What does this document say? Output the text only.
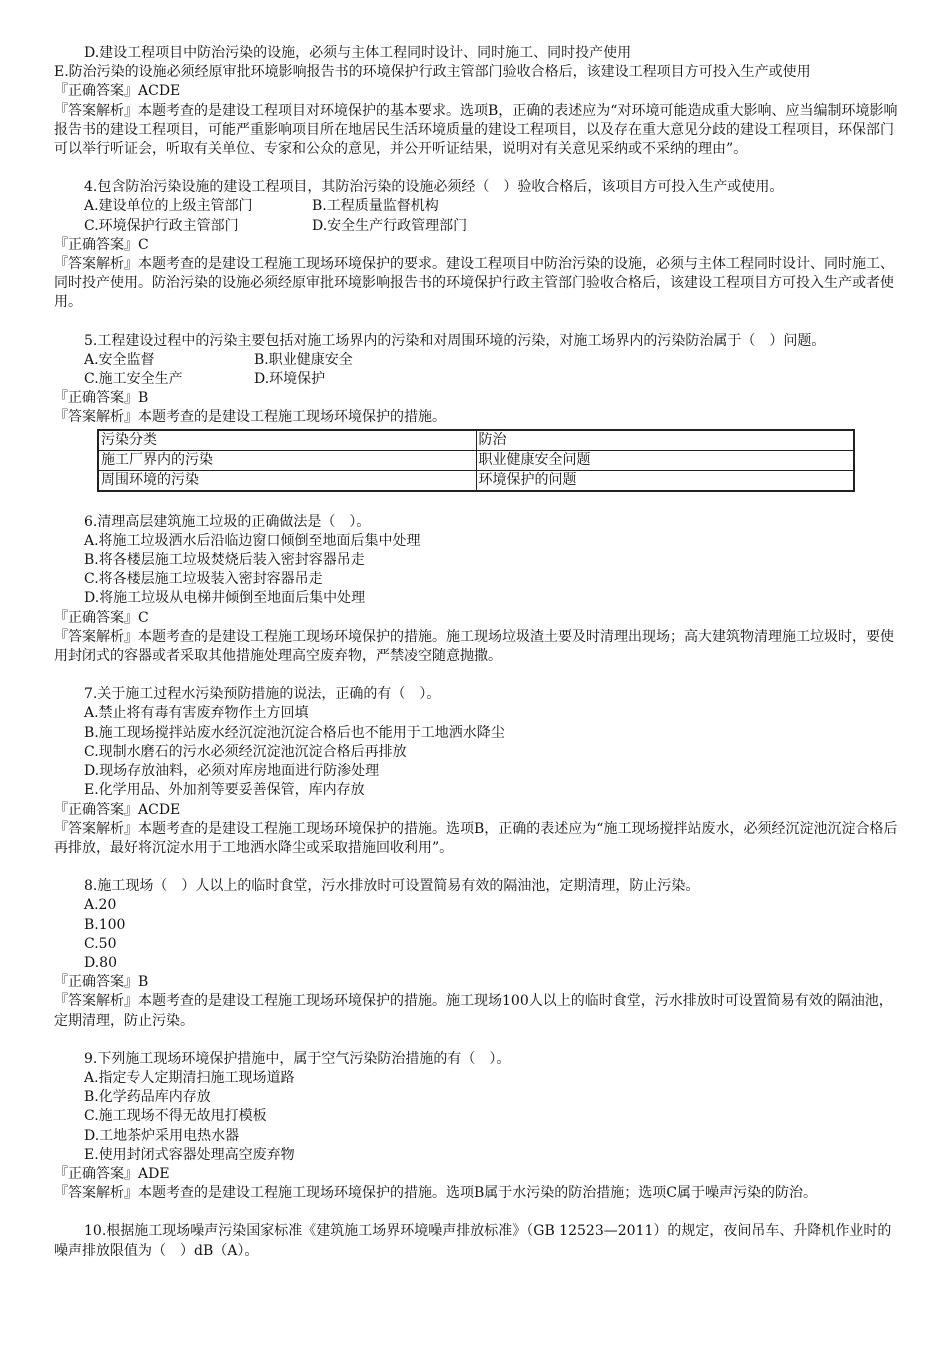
D.建设工程项目中防治污染的设施，必须与主体工程同时设计、同时施工、同时投产使用

E.防治污染的设施必须经原审批环境影响报告书的环境保护行政主管部门验收合格后，该建设工程项目方可投入生产或使用

『正确答案』ACDE

『答案解析』本题考查的是建设工程项目对环境保护的基本要求。选项B，正确的表述应为“对环境可能造成重大影响、应当编制环境影响报告书的建设工程项目，可能严重影响项目所在地居民生活环境质量的建设工程项目，以及存在重大意见分歧的建设工程项目，环保部门可以举行听证会，听取有关单位、专家和公众的意见，并公开听证结果，说明对有关意见采纳或不采纳的理由”。

4.包含防治污染设施的建设工程项目，其防治污染的设施必须经（　）验收合格后，该项目方可投入生产或使用。

A.建设单位的上级主管部门	B.工程质量监督机构
C.环境保护行政主管部门	D.安全生产行政管理部门

『正确答案』C

『答案解析』本题考查的是建设工程施工现场环境保护的要求。建设工程项目中防治污染的设施，必须与主体工程同时设计、同时施工、同时投产使用。防治污染的设施必须经原审批环境影响报告书的环境保护行政主管部门验收合格后，该建设工程项目方可投入生产或者使用。

5.工程建设过程中的污染主要包括对施工场界内的污染和对周围环境的污染，对施工场界内的污染防治属于（　）问题。

A.安全监督	B.职业健康安全
C.施工安全生产	D.环境保护

『正确答案』B

『答案解析』本题考查的是建设工程施工现场环境保护的措施。

污染分类	防治
施工厂界内的污染	职业健康安全问题
周围环境的污染	环境保护的问题

6.清理高层建筑施工垃圾的正确做法是（　）。

A.将施工垃圾洒水后沿临边窗口倾倒至地面后集中处理

B.将各楼层施工垃圾焚烧后装入密封容器吊走

C.将各楼层施工垃圾装入密封容器吊走

D.将施工垃圾从电梯井倾倒至地面后集中处理

『正确答案』C

『答案解析』本题考查的是建设工程施工现场环境保护的措施。施工现场垃圾渣土要及时清理出现场；高大建筑物清理施工垃圾时，要使用封闭式的容器或者采取其他措施处理高空废弃物，严禁凌空随意抛撒。

7.关于施工过程水污染预防措施的说法，正确的有（　）。

A.禁止将有毒有害废弃物作土方回填

B.施工现场搅拌站废水经沉淀池沉淀合格后也不能用于工地洒水降尘

C.现制水磨石的污水必须经沉淀池沉淀合格后再排放

D.现场存放油料，必须对库房地面进行防渗处理

E.化学用品、外加剂等要妥善保管，库内存放

『正确答案』ACDE

『答案解析』本题考查的是建设工程施工现场环境保护的措施。选项B，正确的表述应为“施工现场搅拌站废水，必须经沉淀池沉淀合格后再排放，最好将沉淀水用于工地洒水降尘或采取措施回收利用”。

8.施工现场（　）人以上的临时食堂，污水排放时可设置简易有效的隔油池，定期清理，防止污染。

A.20

B.100

C.50

D.80

『正确答案』B

『答案解析』本题考查的是建设工程施工现场环境保护的措施。施工现场100人以上的临时食堂，污水排放时可设置简易有效的隔油池，定期清理，防止污染。

9.下列施工现场环境保护措施中，属于空气污染防治措施的有（　）。

A.指定专人定期清扫施工现场道路

B.化学药品库内存放

C.施工现场不得无故甩打模板

D.工地茶炉采用电热水器

E.使用封闭式容器处理高空废弃物

『正确答案』ADE

『答案解析』本题考查的是建设工程施工现场环境保护的措施。选项B属于水污染的防治措施；选项C属于噪声污染的防治。

10.根据施工现场噪声污染国家标准《建筑施工场界环境噪声排放标准》（GB 12523—2011）的规定，夜间吊车、升降机作业时的噪声排放限值为（　）dB（A）。
